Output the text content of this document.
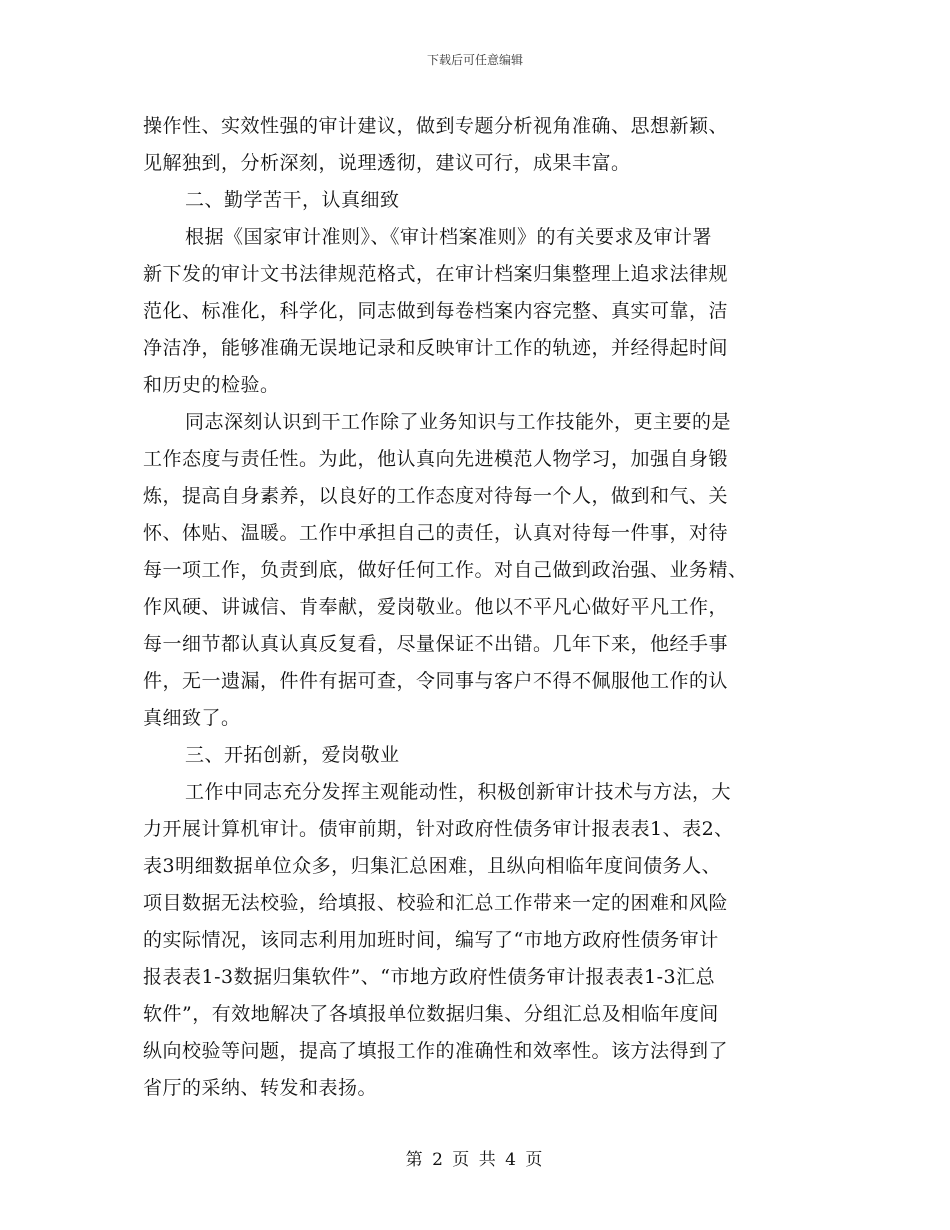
下载后可任意编辑
操作性、实效性强的审计建议，做到专题分析视角准确、思想新颖、
见解独到，分析深刻，说理透彻，建议可行，成果丰富。
二、勤学苦干，认真细致
根据《国家审计准则》、《审计档案准则》的有关要求及审计署
新下发的审计文书法律规范格式，在审计档案归集整理上追求法律规
范化、标准化，科学化，同志做到每卷档案内容完整、真实可靠，洁
净洁净，能够准确无误地记录和反映审计工作的轨迹，并经得起时间
和历史的检验。
同志深刻认识到干工作除了业务知识与工作技能外，更主要的是
工作态度与责任性。为此，他认真向先进模范人物学习，加强自身锻
炼，提高自身素养，以良好的工作态度对待每一个人，做到和气、关
怀、体贴、温暖。工作中承担自己的责任，认真对待每一件事，对待
每一项工作，负责到底，做好任何工作。对自己做到政治强、业务精、
作风硬、讲诚信、肯奉献，爱岗敬业。他以不平凡心做好平凡工作，
每一细节都认真认真反复看，尽量保证不出错。几年下来，他经手事
件，无一遗漏，件件有据可查，令同事与客户不得不佩服他工作的认
真细致了。
三、开拓创新，爱岗敬业
工作中同志充分发挥主观能动性，积极创新审计技术与方法，大
力开展计算机审计。债审前期，针对政府性债务审计报表表1、表2、
表3明细数据单位众多，归集汇总困难，且纵向相临年度间债务人、
项目数据无法校验，给填报、校验和汇总工作带来一定的困难和风险
的实际情况，该同志利用加班时间，编写了“市地方政府性债务审计
报表表1-3数据归集软件”、“市地方政府性债务审计报表表1-3汇总
软件”，有效地解决了各填报单位数据归集、分组汇总及相临年度间
纵向校验等问题，提高了填报工作的准确性和效率性。该方法得到了
省厅的采纳、转发和表扬。
第 2 页 共 4 页
